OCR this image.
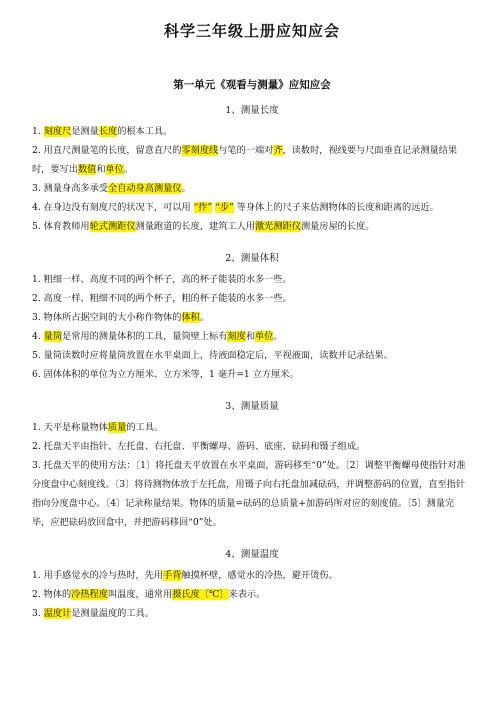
科学三年级上册应知应会
第一单元《观看与测量》应知应会
1、测量长度

1. 刻度尺是测量长度的根本工具。

2. 用直尺测量笔的长度，留意直尺的零刻度线与笔的一端对齐，读数时，视线要与尺面垂直记录测量结果时，要写出数值和单位。

3. 测量身高多承受全自动身高测量仪。

4. 在身边没有刻度尺的状况下，可以用 “拃” “步” 等身体上的尺子来估测物体的长度和距离的远近。

5. 体育教师用轮式测距仪测量跑道的长度，建筑工人用激光测距仪测量房屋的长度。

2、测量体积

1. 粗细一样、高度不同的两个杯子，高的杯子能装的水多一些。

2. 高度一样、粗细不同的两个杯子，粗的杯子能装的水多一些。

3. 物体所占据空间的大小称作物体的体积。

4. 量筒是常用的测量体积的工具，量筒壁上标有刻度和单位。

5. 量筒读数时应将量筒放置在水平桌面上，待液面稳定后，平视液面，读数并记录结果。

6. 固体体积的单位为立方厘米、立方米等，1 毫升=1 立方厘米。

3、测量质量

1. 天平是称量物体质量的工具。

2. 托盘天平由指针、左托盘、右托盘、平衡螺母、游码、底座、砝码和镊子组成。

3. 托盘天平的使用方法：〔1〕将托盘天平放置在水平桌面，游码移至“0”处。〔2〕调整平衡螺母使指针对准分度盘中心刻度线。〔3〕将待测物体放于左托盘，用镊子向右托盘加减砝码，并调整游码的位置，直至指针指向分度盘中心。〔4〕记录称量结果。物体的质量=砝码的总质量+加游码所对应的刻度值。〔5〕测量完毕，应把砝码放回盒中，并把游码移回“0”处。

4、测量温度

1. 用手感觉水的冷与热时，先用手背触摸杯壁，感觉水的冷热，避开烫伤。

2. 物体的冷热程度叫温度，通常用摄氏度〔℃〕来表示。

3. 温度计是测量温度的工具。
